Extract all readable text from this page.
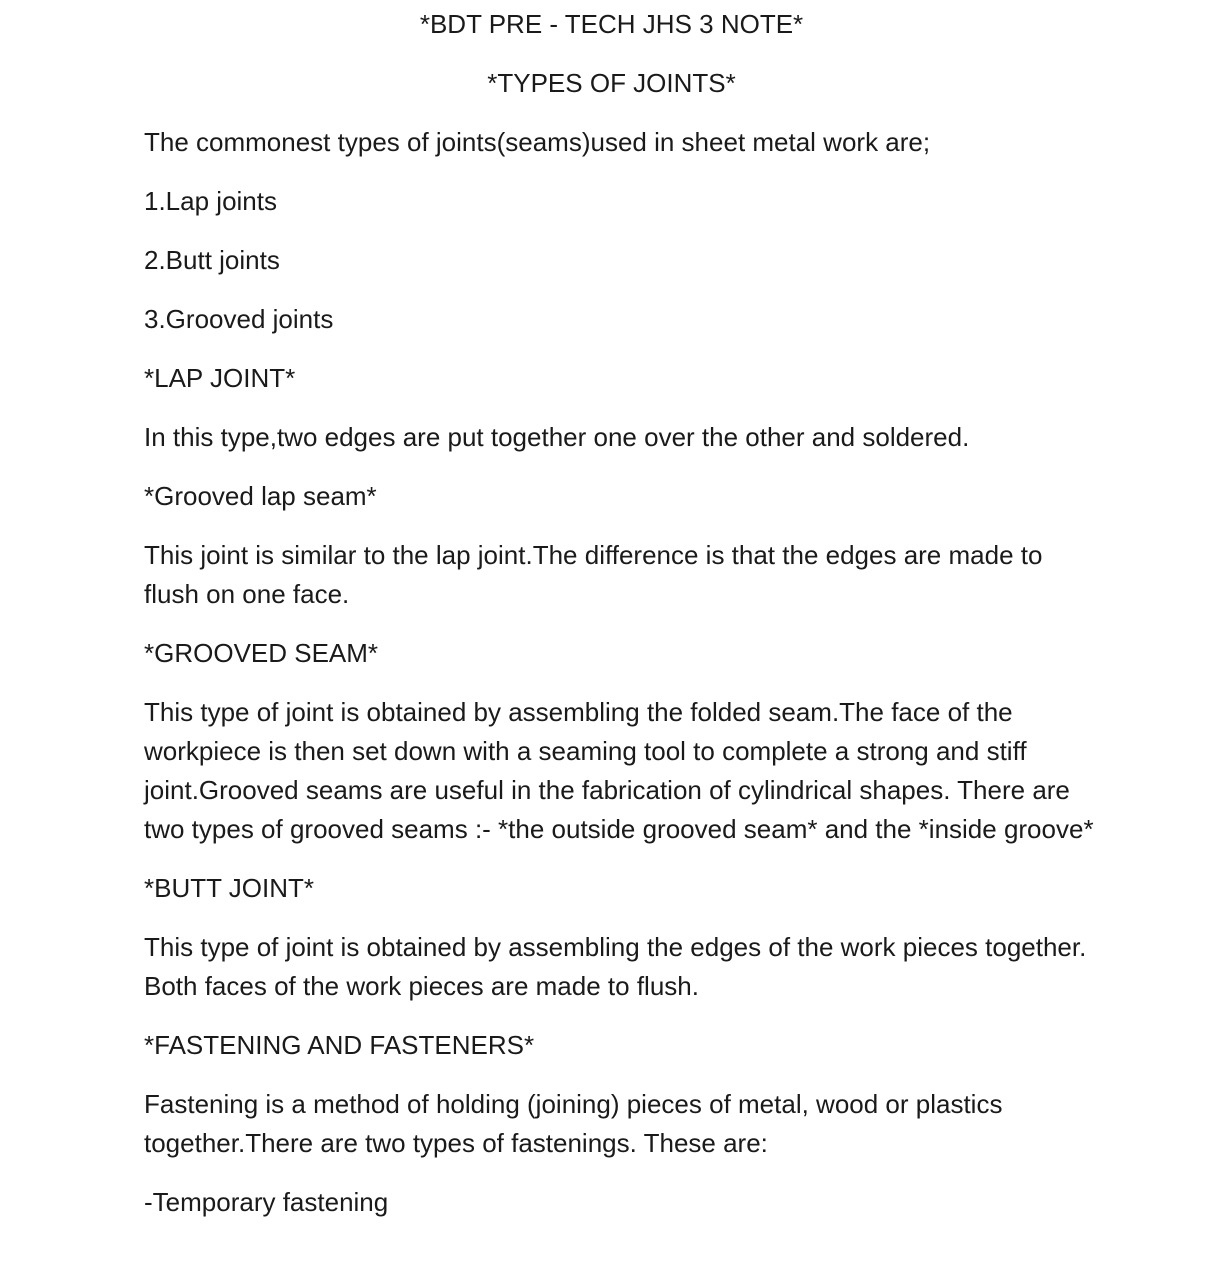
*BDT PRE - TECH JHS 3 NOTE*
*TYPES OF JOINTS*
The commonest types of joints(seams)used in sheet metal work are;
1.Lap joints
2.Butt joints
3.Grooved joints
*LAP JOINT*
In this type,two edges are put together one over the other and soldered.
*Grooved lap seam*
This joint is similar to the lap joint.The difference is that the edges are made to flush on one face.
*GROOVED SEAM*
This type of joint is obtained by assembling the folded seam.The face of the workpiece is then set down with a seaming tool to complete a strong and stiff joint.Grooved seams are useful in the fabrication of cylindrical shapes. There are two types of grooved seams :- *the outside grooved seam* and the *inside groove*
*BUTT JOINT*
This type of joint is obtained by assembling the edges of the work pieces together. Both faces of the work pieces are made to flush.
*FASTENING AND FASTENERS*
Fastening is a method of holding (joining) pieces of metal, wood or plastics together.There are two types of fastenings. These are:
-Temporary fastening
